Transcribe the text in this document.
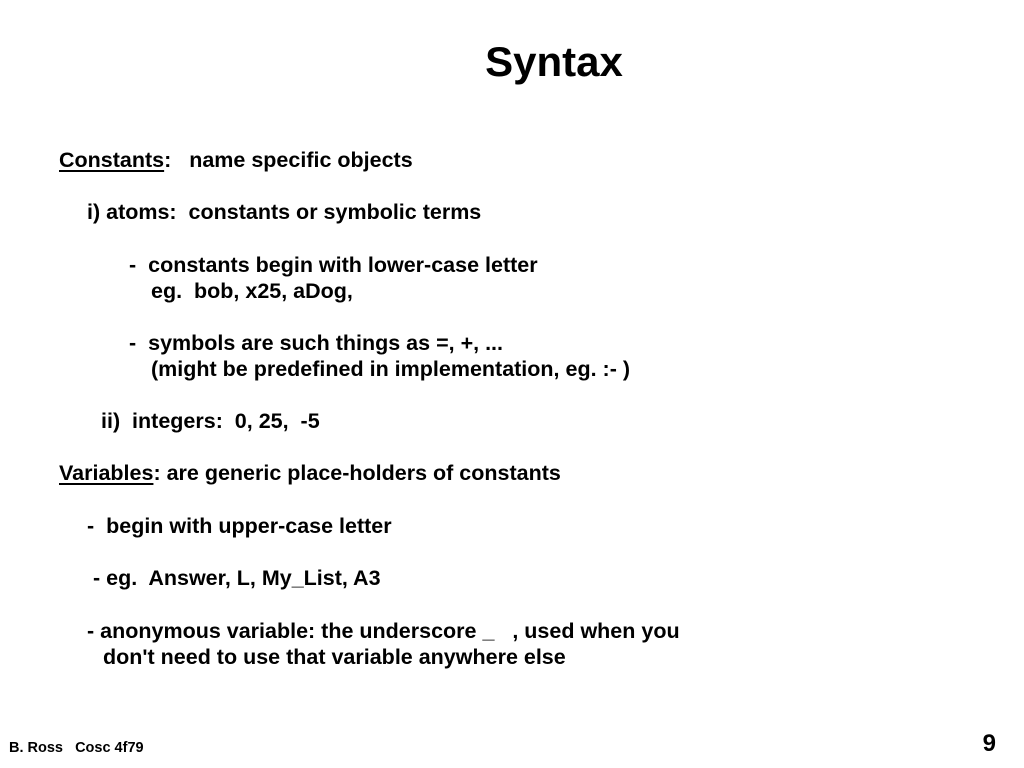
Syntax

Constants:   name specific objects

i) atoms:  constants or symbolic terms

-  constants begin with lower-case letter

eg.  bob, x25, aDog,

-  symbols are such things as =, +, ...

(might be predefined in implementation, eg. :- )

ii)  integers:  0, 25,  -5

Variables: are generic place-holders of constants

-  begin with upper-case letter

- eg.  Answer, L, My_List, A3

- anonymous variable: the underscore _   , used when you

don't need to use that variable anywhere else

B. Ross   Cosc 4f79	9
